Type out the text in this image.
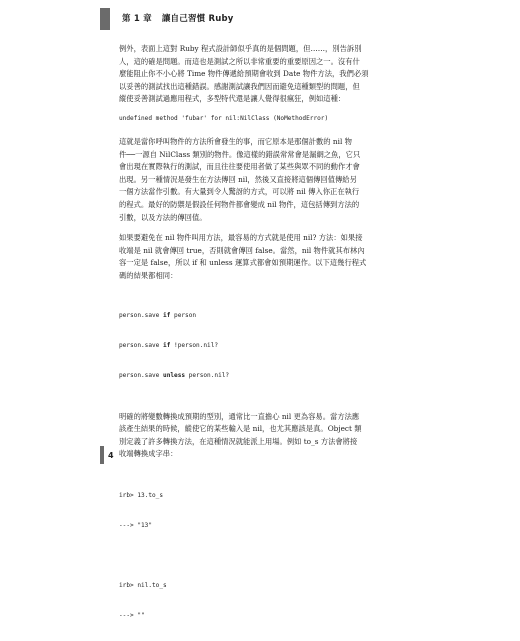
第 1 章 讓自己習慣 Ruby

例外，表面上這對 Ruby 程式設計師似乎真的是個問題，但……，別告訴別
人，這的確是問題。而這也是測試之所以非常重要的重要原因之一。沒有什
麼能阻止你不小心將 Time 物件傳遞給預期會收到 Date 物件方法，我們必須
以妥善的測試找出這種錯誤。感謝測試讓我們因而避免這種類型的問題，但
縱使妥善測試過應用程式，多型特代還是讓人覺得很瘋狂，例如這種：

undefined method 'fubar' for nil:NilClass (NoMethodError)

這就是當你呼叫物件的方法所會發生的事，而它原本是那個計數的 nil 物
件──一源自 NilClass 類別的物件。像這樣的錯誤常常會是漏網之魚，它只
會出現在實際執行的測試，而且往往要使用者做了某些與眾不同的動作才會
出現。另一種情況是發生在方法傳回 nil，然後又直接將這個傳回值傳給另
一個方法當作引數。有大量到令人驚訝的方式，可以將 nil 傳入你正在執行
的程式。最好的防禦是假設任何物件都會變成 nil 物件，這包括傳到方法的
引數，以及方法的傳回值。

如果要避免在 nil 物件叫用方法，最容易的方式就是使用 nil? 方法：如果接
收端是 nil 就會傳回 true，否則就會傳回 false。當然，nil 物件就其布林內
容一定是 false，所以 if 和 unless 運算式都會如預期運作。以下這幾行程式
碼的結果都相同：

person.save if person

person.save if !person.nil?

person.save unless person.nil?

明確的將變數轉換成預期的型別，通常比一直擔心 nil 更為容易。當方法應
該產生結果的時候，縱使它的某些輸入是 nil，也尤其應該是真。Object 類
別定義了許多轉換方法，在這種情況就能派上用場。例如 to_s 方法會將接
收端轉換成字串：

irb> 13.to_s

---> "13"

irb> nil.to_s

---> ""

4
